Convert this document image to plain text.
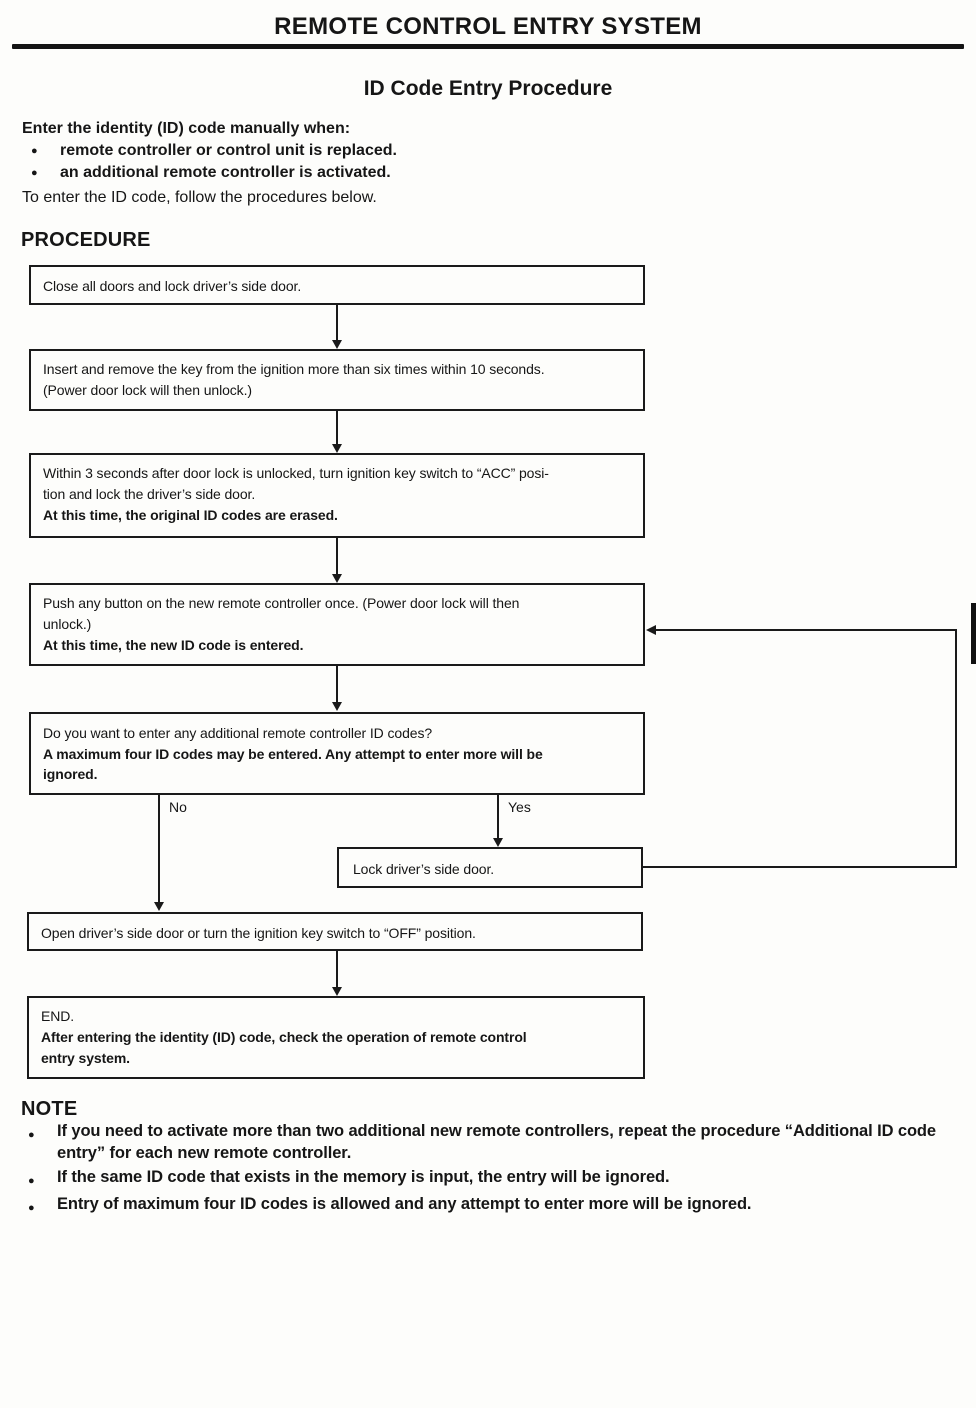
REMOTE CONTROL ENTRY SYSTEM
ID Code Entry Procedure
Enter the identity (ID) code manually when:
●	remote controller or control unit is replaced.
●	an additional remote controller is activated.
To enter the ID code, follow the procedures below.
PROCEDURE
Close all doors and lock driver’s side door.
Insert and remove the key from the ignition more than six times within 10 seconds.
(Power door lock will then unlock.)
Within 3 seconds after door lock is unlocked, turn ignition key switch to “ACC” posi-
tion and lock the driver’s side door.
At this time, the original ID codes are erased.
Push any button on the new remote controller once. (Power door lock will then
unlock.)
At this time, the new ID code is entered.
Do you want to enter any additional remote controller ID codes?
A maximum four ID codes may be entered. Any attempt to enter more will be
ignored.
No	Yes
Lock driver’s side door.
Open driver’s side door or turn the ignition key switch to “OFF” position.
END.
After entering the identity (ID) code, check the operation of remote control
entry system.
NOTE
●	If you need to activate more than two additional new remote controllers, repeat the procedure “Additional ID code entry” for each new remote controller.
●	If the same ID code that exists in the memory is input, the entry will be ignored.
●	Entry of maximum four ID codes is allowed and any attempt to enter more will be ignored.
